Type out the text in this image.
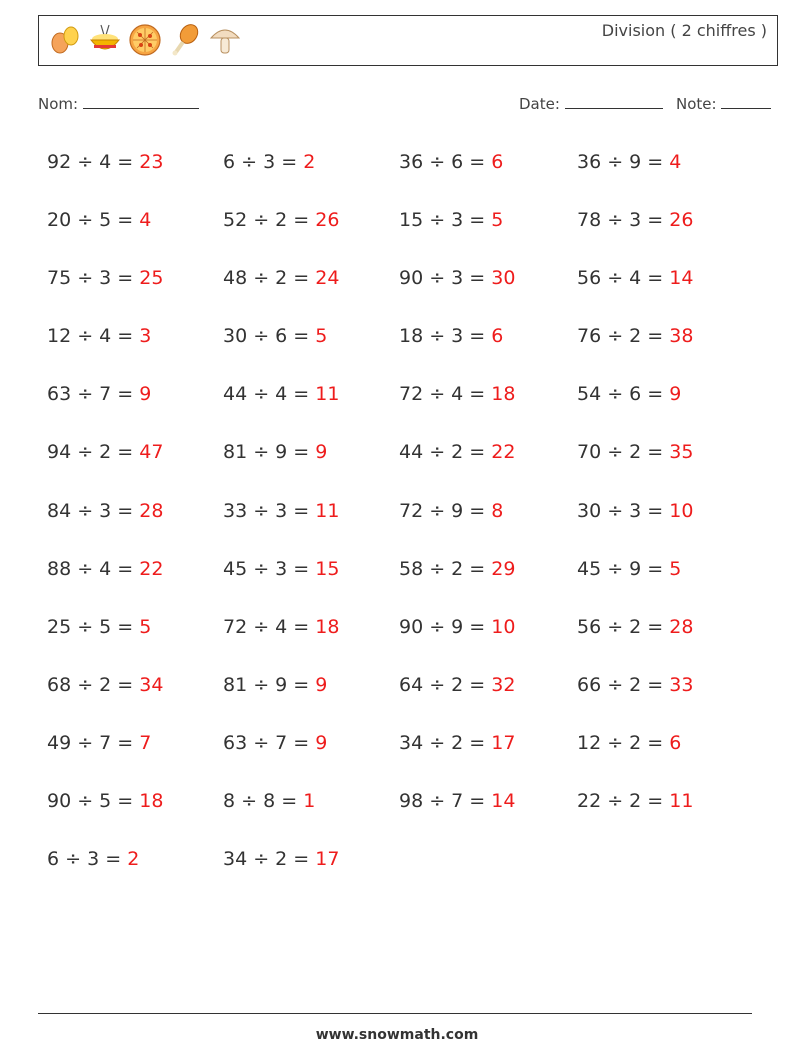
Division ( 2 chiffres )
Nom:	Date:	Note:
92 ÷ 4 = 23	6 ÷ 3 = 2	36 ÷ 6 = 6	36 ÷ 9 = 4
20 ÷ 5 = 4	52 ÷ 2 = 26	15 ÷ 3 = 5	78 ÷ 3 = 26
75 ÷ 3 = 25	48 ÷ 2 = 24	90 ÷ 3 = 30	56 ÷ 4 = 14
12 ÷ 4 = 3	30 ÷ 6 = 5	18 ÷ 3 = 6	76 ÷ 2 = 38
63 ÷ 7 = 9	44 ÷ 4 = 11	72 ÷ 4 = 18	54 ÷ 6 = 9
94 ÷ 2 = 47	81 ÷ 9 = 9	44 ÷ 2 = 22	70 ÷ 2 = 35
84 ÷ 3 = 28	33 ÷ 3 = 11	72 ÷ 9 = 8	30 ÷ 3 = 10
88 ÷ 4 = 22	45 ÷ 3 = 15	58 ÷ 2 = 29	45 ÷ 9 = 5
25 ÷ 5 = 5	72 ÷ 4 = 18	90 ÷ 9 = 10	56 ÷ 2 = 28
68 ÷ 2 = 34	81 ÷ 9 = 9	64 ÷ 2 = 32	66 ÷ 2 = 33
49 ÷ 7 = 7	63 ÷ 7 = 9	34 ÷ 2 = 17	12 ÷ 2 = 6
90 ÷ 5 = 18	8 ÷ 8 = 1	98 ÷ 7 = 14	22 ÷ 2 = 11
6 ÷ 3 = 2	34 ÷ 2 = 17
www.snowmath.com
